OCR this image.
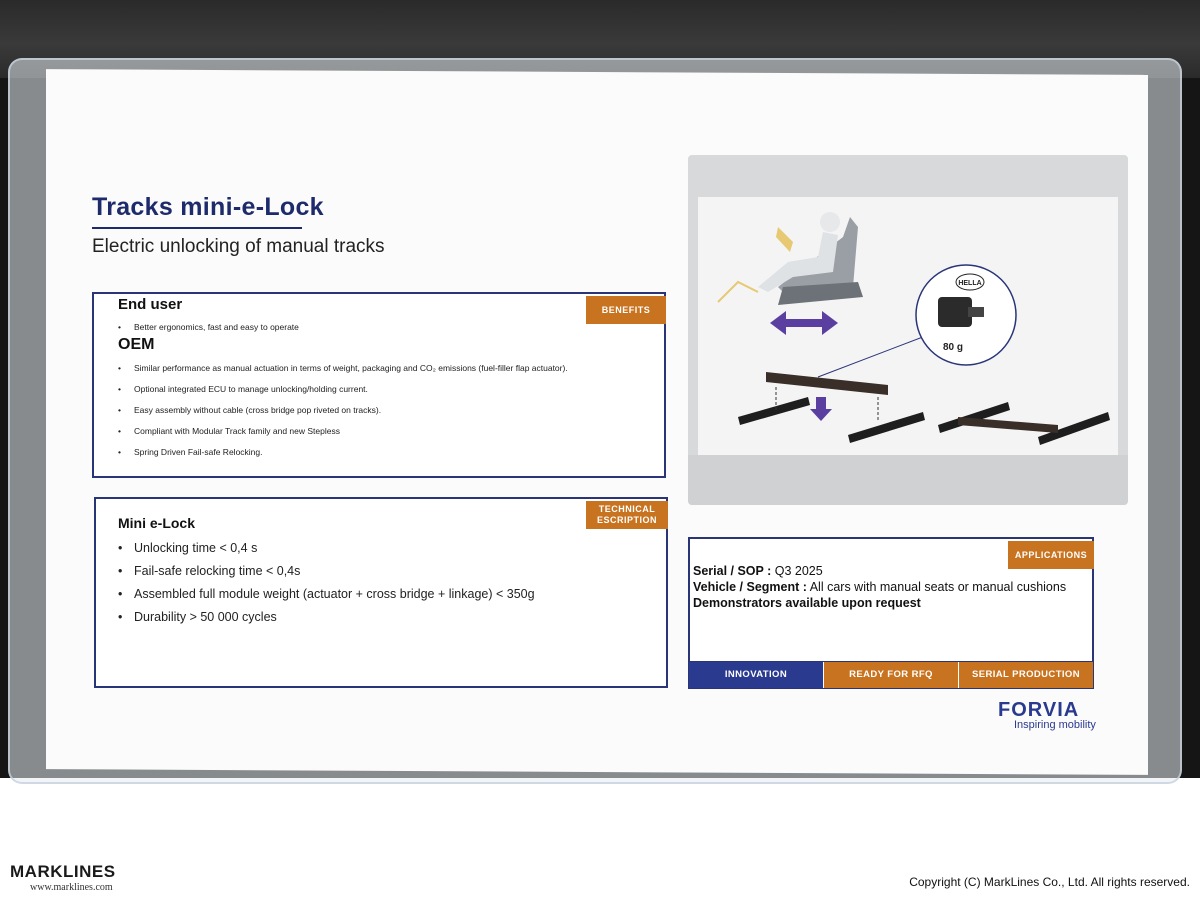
Tracks mini-e-Lock
Electric unlocking of manual tracks
BENEFITS
End user
• Better ergonomics, fast and easy to operate
OEM
• Similar performance as manual actuation in terms of weight, packaging and CO₂ emissions (fuel-filler flap actuator).
• Optional integrated ECU to manage unlocking/holding current.
• Easy assembly without cable (cross bridge pop riveted on tracks).
• Compliant with Modular Track family and new Stepless
• Spring Driven Fail-safe Relocking.
TECHNICAL
ESCRIPTION
Mini e-Lock
• Unlocking time < 0,4 s
• Fail-safe relocking time < 0,4s
• Assembled full module weight (actuator + cross bridge + linkage) < 350g
• Durability > 50 000 cycles
HELLA
80 g
APPLICATIONS
Serial / SOP : Q3 2025
Vehicle / Segment : All cars with manual seats or manual cushions
Demonstrators available upon request
INNOVATION	READY FOR RFQ	SERIAL PRODUCTION
FORVIA
Inspiring mobility
MARKLINES
www.marklines.com	Copyright (C) MarkLines Co., Ltd. All rights reserved.
